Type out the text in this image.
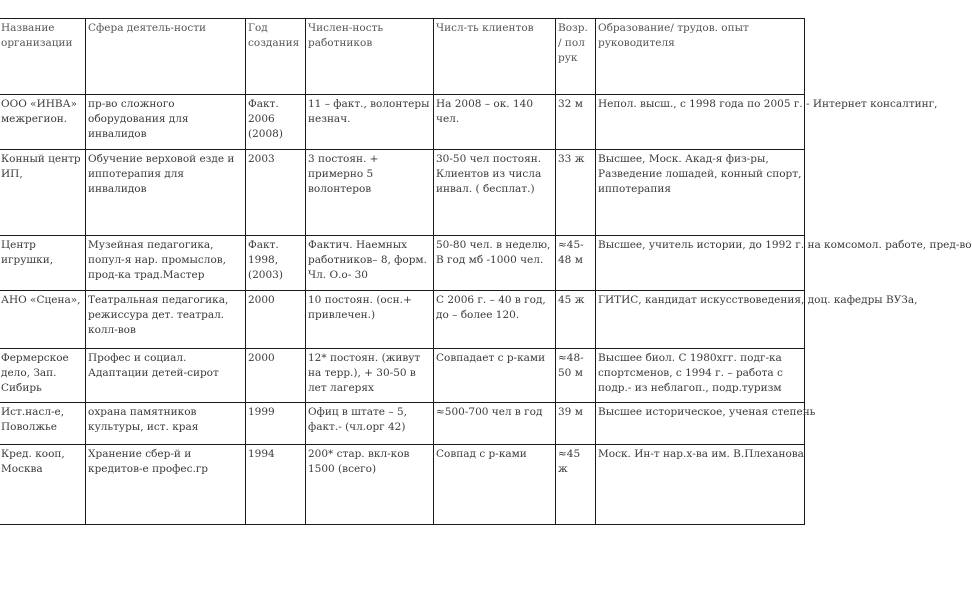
Название организации	Сфера деятель-ности	Год создания	Числен-ность работников	Числ-ть клиентов	Возр. / пол рук	Образование/ трудов. опыт руководителя
ООО «ИНВА» межрегион.	пр-во сложного оборудования для инвалидов	Факт. 2006 (2008)	11 – факт., волонтеры незнач.	На 2008 – ок. 140 чел.	32 м	Непол. высш., с 1998 года по 2005 г. - Интернет консалтинг,
Конный центр ИП,	Обучение верховой езде и иппотерапия для инвалидов	2003	3 постоян. + примерно 5 волонтеров	30-50 чел постоян. Клиентов из числа инвал. ( бесплат.)	33 ж	Высшее, Моск. Акад-я физ-ры, Разведение лошадей, конный спорт, иппотерапия
Центр игрушки,	Музейная педагогика, попул-я нар. промыслов, прод-ка трад.Мастер	Факт. 1998, (2003)	Фактич. Наемных работников– 8, форм. Чл. О.о- 30	50-80 чел. в неделю, В год мб -1000 чел.	≈45-48 м	Высшее, учитель истории, до 1992 г. на комсомол. работе, пред-во
АНО «Сцена»,	Театральная педагогика, режиссура дет. театрал. колл-вов	2000	10 постоян. (осн.+ привлечен.)	С 2006 г. – 40 в год, до – более 120.	45 ж	ГИТИС, кандидат искусствоведения, доц. кафедры ВУЗа,
Фермерское дело, Зап. Сибирь	Профес и социал. Адаптации детей-сирот	2000	12* постоян. (живут на терр.), + 30-50 в лет лагерях	Совпадает с р-ками	≈48-50 м	Высшее биол. С 1980хгг. подг-ка спортсменов, с 1994 г. – работа с подр.- из неблагоп., подр.туризм
Ист.насл-е, Поволжье	охрана памятников культуры, ист. края	1999	Офиц в штате – 5, факт.- (чл.орг 42)	≈500-700 чел в год	39 м	Высшее историческое, ученая степень
Кред. кооп, Москва	Хранение сбер-й и кредитов-е профес.гр	1994	200* стар. вкл-ков 1500 (всего)	Совпад с р-ками	≈45 ж	Моск. Ин-т нар.х-ва им. В.Плеханова
